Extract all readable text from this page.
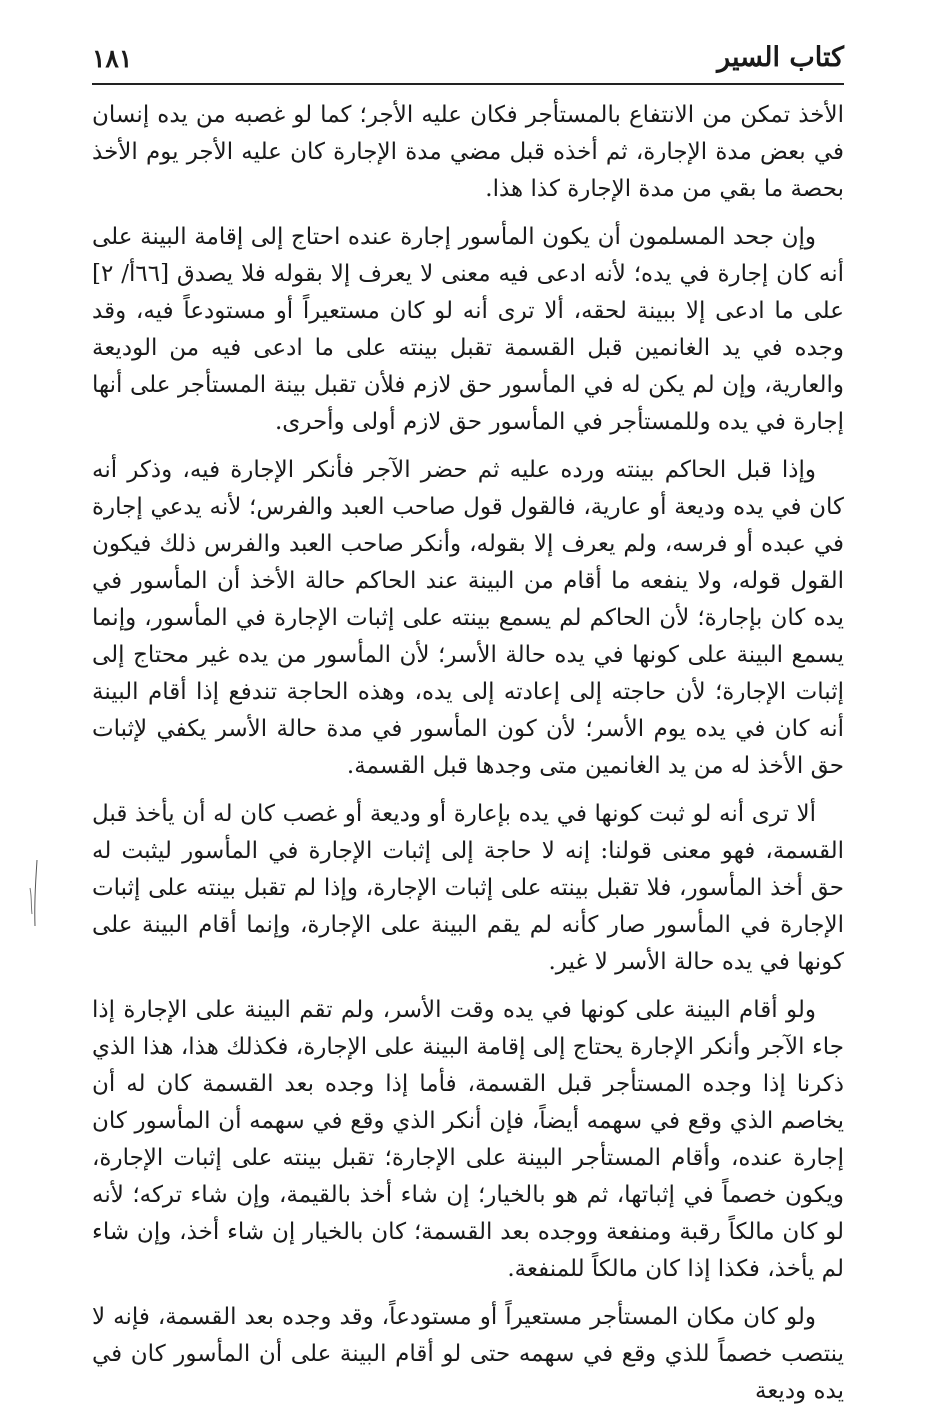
كتاب السير
١٨١

الأخذ تمكن من الانتفاع بالمستأجر فكان عليه الأجر؛ كما لو غصبه من يده إنسان في بعض مدة الإجارة، ثم أخذه قبل مضي مدة الإجارة كان عليه الأجر يوم الأخذ بحصة ما بقي من مدة الإجارة كذا هذا.

وإن جحد المسلمون أن يكون المأسور إجارة عنده احتاج إلى إقامة البينة على أنه كان إجارة في يده؛ لأنه ادعى فيه معنى لا يعرف إلا بقوله فلا يصدق [٦٦أ/ ٢] على ما ادعى إلا ببينة لحقه، ألا ترى أنه لو كان مستعيراً أو مستودعاً فيه، وقد وجده في يد الغانمين قبل القسمة تقبل بينته على ما ادعى فيه من الوديعة والعارية، وإن لم يكن له في المأسور حق لازم فلأن تقبل بينة المستأجر على أنها إجارة في يده وللمستأجر في المأسور حق لازم أولى وأحرى.

وإذا قبل الحاكم بينته ورده عليه ثم حضر الآجر فأنكر الإجارة فيه، وذكر أنه كان في يده وديعة أو عارية، فالقول قول صاحب العبد والفرس؛ لأنه يدعي إجارة في عبده أو فرسه، ولم يعرف إلا بقوله، وأنكر صاحب العبد والفرس ذلك فيكون القول قوله، ولا ينفعه ما أقام من البينة عند الحاكم حالة الأخذ أن المأسور في يده كان بإجارة؛ لأن الحاكم لم يسمع بينته على إثبات الإجارة في المأسور، وإنما يسمع البينة على كونها في يده حالة الأسر؛ لأن المأسور من يده غير محتاج إلى إثبات الإجارة؛ لأن حاجته إلى إعادته إلى يده، وهذه الحاجة تندفع إذا أقام البينة أنه كان في يده يوم الأسر؛ لأن كون المأسور في مدة حالة الأسر يكفي لإثبات حق الأخذ له من يد الغانمين متى وجدها قبل القسمة.

ألا ترى أنه لو ثبت كونها في يده بإعارة أو وديعة أو غصب كان له أن يأخذ قبل القسمة، فهو معنى قولنا: إنه لا حاجة إلى إثبات الإجارة في المأسور ليثبت له حق أخذ المأسور، فلا تقبل بينته على إثبات الإجارة، وإذا لم تقبل بينته على إثبات الإجارة في المأسور صار كأنه لم يقم البينة على الإجارة، وإنما أقام البينة على كونها في يده حالة الأسر لا غير.

ولو أقام البينة على كونها في يده وقت الأسر، ولم تقم البينة على الإجارة إذا جاء الآجر وأنكر الإجارة يحتاج إلى إقامة البينة على الإجارة، فكذلك هذا، هذا الذي ذكرنا إذا وجده المستأجر قبل القسمة، فأما إذا وجده بعد القسمة كان له أن يخاصم الذي وقع في سهمه أيضاً، فإن أنكر الذي وقع في سهمه أن المأسور كان إجارة عنده، وأقام المستأجر البينة على الإجارة؛ تقبل بينته على إثبات الإجارة، ويكون خصماً في إثباتها، ثم هو بالخيار؛ إن شاء أخذ بالقيمة، وإن شاء تركه؛ لأنه لو كان مالكاً رقبة ومنفعة ووجده بعد القسمة؛ كان بالخيار إن شاء أخذ، وإن شاء لم يأخذ، فكذا إذا كان مالكاً للمنفعة.

ولو كان مكان المستأجر مستعيراً أو مستودعاً، وقد وجده بعد القسمة، فإنه لا ينتصب خصماً للذي وقع في سهمه حتى لو أقام البينة على أن المأسور كان في يده وديعة
